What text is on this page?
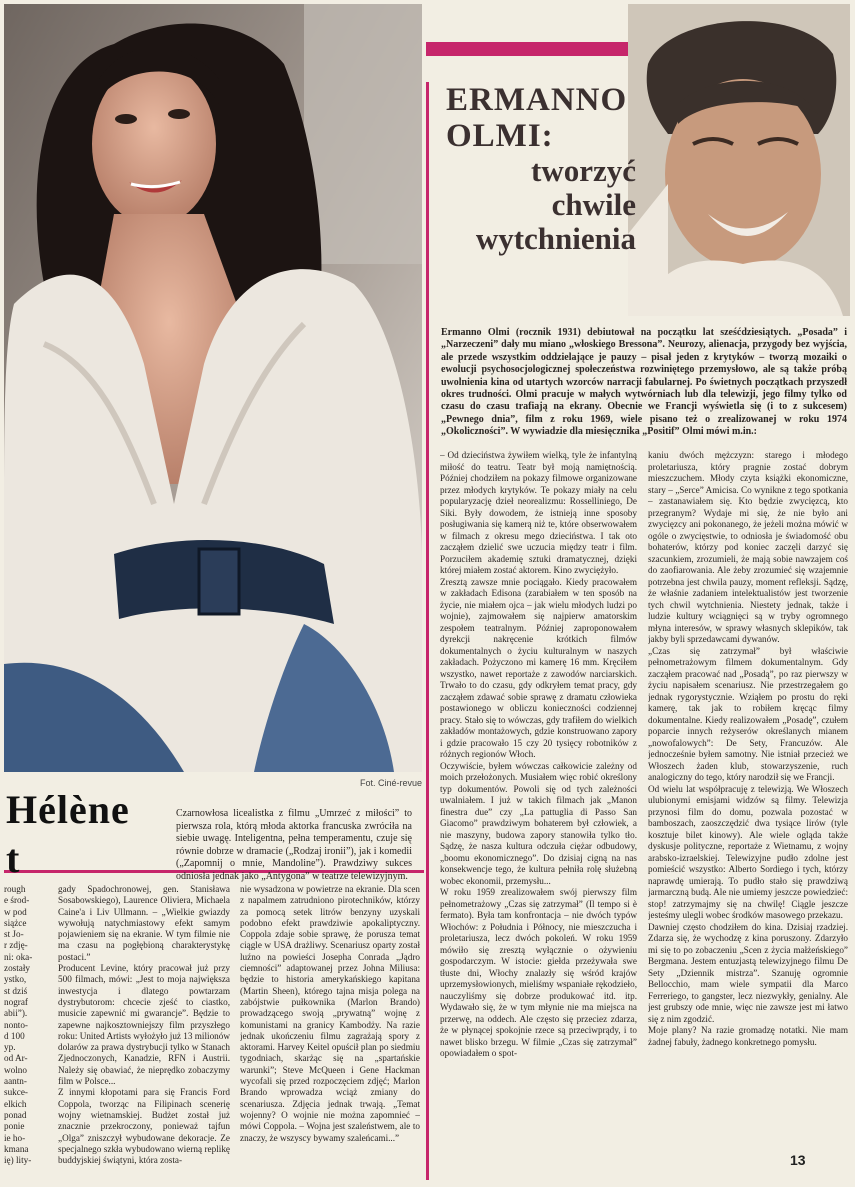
Fot. Ciné-revue

ERMANNO

OLMI:

tworzyć

chwile

wytchnienia

Ermanno Olmi (rocznik 1931) debiutował na początku lat sześćdziesiątych. „Posada” i „Narzeczeni” dały mu miano „włoskiego Bressona”. Neurozy, alienacja, przygody bez wyjścia, ale przede wszystkim oddzielające je pauzy – pisał jeden z krytyków – tworzą mozaiki o ewolucji psychosocjologicznej społeczeństwa rozwiniętego przemysłowo, ale są także próbą uwolnienia kina od utartych wzorców narracji fabularnej. Po świetnych początkach przyszedł okres trudności. Olmi pracuje w małych wytwórniach lub dla telewizji, jego filmy tylko od czasu do czasu trafiają na ekrany. Obecnie we Francji wyświetla się (i to z sukcesem) „Pewnego dnia”, film z roku 1969, wiele pisano też o zrealizowanej w roku 1974 „Okoliczności”. W wywiadzie dla miesięcznika „Positif” Olmi mówi m.in.:

– Od dzieciństwa żywiłem wielką, tyle że infantylną miłość do teatru. Teatr był moją namiętnością. Później chodziłem na pokazy filmowe organizowane przez młodych krytyków. Te pokazy miały na celu popularyzację dzieł neorealizmu: Rosselliniego, De Siki. Były dowodem, że istnieją inne sposoby posługiwania się kamerą niż te, które obserwowałem w filmach z okresu mego dzieciństwa. I tak oto zacząłem dzielić swe uczucia między teatr i film. Porzuciłem akademię sztuki dramatycznej, dzięki której miałem zostać aktorem. Kino zwyciężyło.
Zresztą zawsze mnie pociągało. Kiedy pracowałem w zakładach Edisona (zarabiałem w ten sposób na życie, nie miałem ojca – jak wielu młodych ludzi po wojnie), zajmowałem się najpierw amatorskim zespołem teatralnym. Później zaproponowałem dyrekcji nakręcenie krótkich filmów dokumentalnych o życiu kulturalnym w naszych zakładach. Pożyczono mi kamerę 16 mm. Kręciłem wszystko, nawet reportaże z zawodów narciarskich. Trwało to do czasu, gdy odkryłem temat pracy, gdy zacząłem zdawać sobie sprawę z dramatu człowieka postawionego w obliczu konieczności codziennej pracy. Stało się to wówczas, gdy trafiłem do wielkich zakładów montażowych, gdzie konstruowano zapory i gdzie pracowało 15 czy 20 tysięcy robotników z różnych regionów Włoch.
Oczywiście, byłem wówczas całkowicie zależny od moich przełożonych. Musiałem więc robić określony typ dokumentów. Powoli się od tych zależności uwalniałem. I już w takich filmach jak „Manon finestra due” czy „La pattuglia di Passo San Giacomo” prawdziwym bohaterem był człowiek, a nie maszyny, budowa zapory stanowiła tylko tło. Sądzę, że nasza kultura odczuła ciężar odbudowy, „boomu ekonomicznego”. Do dzisiaj cigną na nas konsekwencje tego, że kultura pełniła rolę służebną wobec ekonomii, przemysłu...
W roku 1959 zrealizowałem swój pierwszy film pełnometrażowy „Czas się zatrzymał” (Il tempo si è fermato). Była tam konfrontacja – nie dwóch typów Włochów: z Południa i Północy, nie mieszczucha i proletariusza, lecz dwóch pokoleń. W roku 1959 mówiło się zresztą wyłącznie o ożywieniu gospodarczym. W istocie: giełda przeżywała swe tłuste dni, Włochy znalazły się wśród krajów uprzemysłowionych, mieliśmy wspaniałe rękodzieło, nauczyliśmy się dobrze produkować itd. itp. Wydawało się, że w tym młynie nie ma miejsca na przerwę, na oddech. Ale często się przeciez zdarza, że w płynącej spokojnie rzece są przeciwprądy, i to nawet blisko brzegu. W filmie „Czas się zatrzymał” opowiadałem o spot-

kaniu dwóch mężczyzn: starego i młodego proletariusza, który pragnie zostać dobrym mieszczuchem. Młody czyta książki ekonomiczne, stary – „Serce” Amicisa. Co wynikne z tego spotkania – zastanawiałem się. Kto będzie zwycięzcą, kto przegranym? Wydaje mi się, że nie było ani zwycięzcy ani pokonanego, że jeżeli można mówić w ogóle o zwycięstwie, to odniosła je świadomość obu bohaterów, którzy pod koniec zaczęli darzyć się szacunkiem, zrozumieli, że mają sobie nawzajem coś do zaofiarowania. Ale żeby zrozumieć się wzajemnie potrzebna jest chwila pauzy, moment refleksji. Sądzę, że właśnie zadaniem intelektualistów jest tworzenie tych chwil wytchnienia. Niestety jednak, także i ludzie kultury wciągnięci są w tryby ogromnego młyna interesów, w sprawy własnych sklepików, tak jakby byli sprzedawcami dywanów.
„Czas się zatrzymał” był właściwie pełnometrażowym filmem dokumentalnym. Gdy zacząłem pracować nad „Posadą”, po raz pierwszy w życiu napisałem scenariusz. Nie przestrzegałem go jednak rygorystycznie. Wziąłem po prostu do ręki kamerę, tak jak to robiłem kręcąc filmy dokumentalne. Kiedy realizowałem „Posadę”, czułem poparcie innych reżyserów określanych mianem „nowofalowych”: De Sety, Francuzów. Ale jednocześnie byłem samotny. Nie istniał przecież we Włoszech żaden klub, stowarzyszenie, ruch analogiczny do tego, który narodził się we Francji.
Od wielu lat współpracuję z telewizją. We Włoszech ulubionymi emisjami widzów są filmy. Telewizja przynosi film do domu, pozwala pozostać w bamboszach, zaoszczędzić dwa tysiące lirów (tyle kosztuje bilet kinowy). Ale wiele ogląda także dyskusje polityczne, reportaże z Wietnamu, z wojny arabsko-izraelskiej. Telewizyjne pudło zdolne jest pomieścić wszystko: Alberto Sordiego i tych, którzy naprawdę umierają. To pudło stało się prawdziwą jarmarczną budą. Ale nie umiemy jeszcze powiedzieć: stop! zatrzymajmy się na chwilę! Ciągle jeszcze jesteśmy ulegli wobec środków masowego przekazu.
Dawniej często chodziłem do kina. Dzisiaj rzadziej. Zdarza się, że wychodzę z kina poruszony. Zdarzyło mi się to po zobaczeniu „Scen z życia małżeńskiego” Bergmana. Jestem entuzjastą telewizyjnego filmu De Sety „Dziennik mistrza”. Szanuję ogromnie Bellocchio, mam wiele sympatii dla Marco Ferreriego, to gangster, lecz niezwykły, genialny. Ale jest grubszy ode mnie, więc nie zawsze jest mi łatwo się z nim zgodzić.
Moje plany? Na razie gromadzę notatki. Nie mam żadnej fabuły, żadnego konkretnego pomysłu.

Hélène
t

Czarnowłosa licealistka z filmu „Umrzeć z miłości” to pierwsza rola, którą młoda aktorka francuska zwróciła na siebie uwagę. Inteligentna, pełna temperamentu, czuje się równie dobrze w dramacie („Rodzaj ironii”), jak i komedii („Zapomnij o mnie, Mandoline”). Prawdziwy sukces odniosła jednak jako „Antygona” w teatrze telewizyjnym.

rough
e środ-
w pod
siążce
st Jo-
r zdję-
ni: oka-
zostały
ystko,
st dziś
nograf
abii”).
nonto-
d 100
yp.
od Ar-
wolno
aantn-
sukce-
elkich
ponad
ponie
ie ho-
kmana
ię) lity-

gady Spadochronowej, gen. Stanisława Sosabowskiego), Laurence Oliviera, Michaela Caine'a i Liv Ullmann. – „Wielkie gwiazdy wywołują natychmiastowy efekt samym pojawieniem się na ekranie. W tym filmie nie ma czasu na pogłębioną charakterystykę postaci.”
Producent Levine, który pracował już przy 500 filmach, mówi: „Jest to moja największa inwestycja i dlatego powtarzam dystrybutorom: chcecie zjeść to ciastko, musicie zapewnić mi gwarancje”. Będzie to zapewne najkosztowniejszy film przyszłego roku: United Artists wyłożyło już 13 milionów dolarów za prawa dystrybucji tylko w Stanach Zjednoczonych, Kanadzie, RFN i Austrii. Należy się obawiać, że nieprędko zobaczymy film w Polsce...
Z innymi kłopotami para się Francis Ford Coppola, tworząc na Filipinach scenerię wojny wietnamskiej. Budżet został już znacznie przekroczony, ponieważ tajfun „Olga” zniszczył wybudowane dekoracje. Ze specjalnego szkła wybudowano wierną replikę buddyjskiej świątyni, która zosta-

nie wysadzona w powietrze na ekranie. Dla scen z napalmem zatrudniono pirotechników, którzy za pomocą setek litrów benzyny uzyskali podobno efekt prawdziwie apokaliptyczny. Coppola zdaje sobie sprawę, że porusza temat ciągle w USA drażliwy. Scenariusz oparty został luźno na powieści Josepha Conrada „Jądro ciemności” adaptowanej przez Johna Miliusa: będzie to historia amerykańskiego kapitana (Martin Sheen), którego tajna misja polega na zabójstwie pułkownika (Marlon Brando) prowadzącego swoją „prywatną” wojnę z komunistami na granicy Kambodży. Na razie jednak ukończeniu filmu zagrażają spory z aktorami. Harvey Keitel opuścił plan po siedmiu tygodniach, skarżąc się na „spartańskie warunki”; Steve McQueen i Gene Hackman wycofali się przed rozpoczęciem zdjęć; Marlon Brando wprowadza wciąż zmiany do scenariusza. Zdjęcia jednak trwają. „Temat wojenny? O wojnie nie można zapomnieć – mówi Coppola. – Wojna jest szaleństwem, ale to znaczy, że wszyscy bywamy szaleńcami...”

13
